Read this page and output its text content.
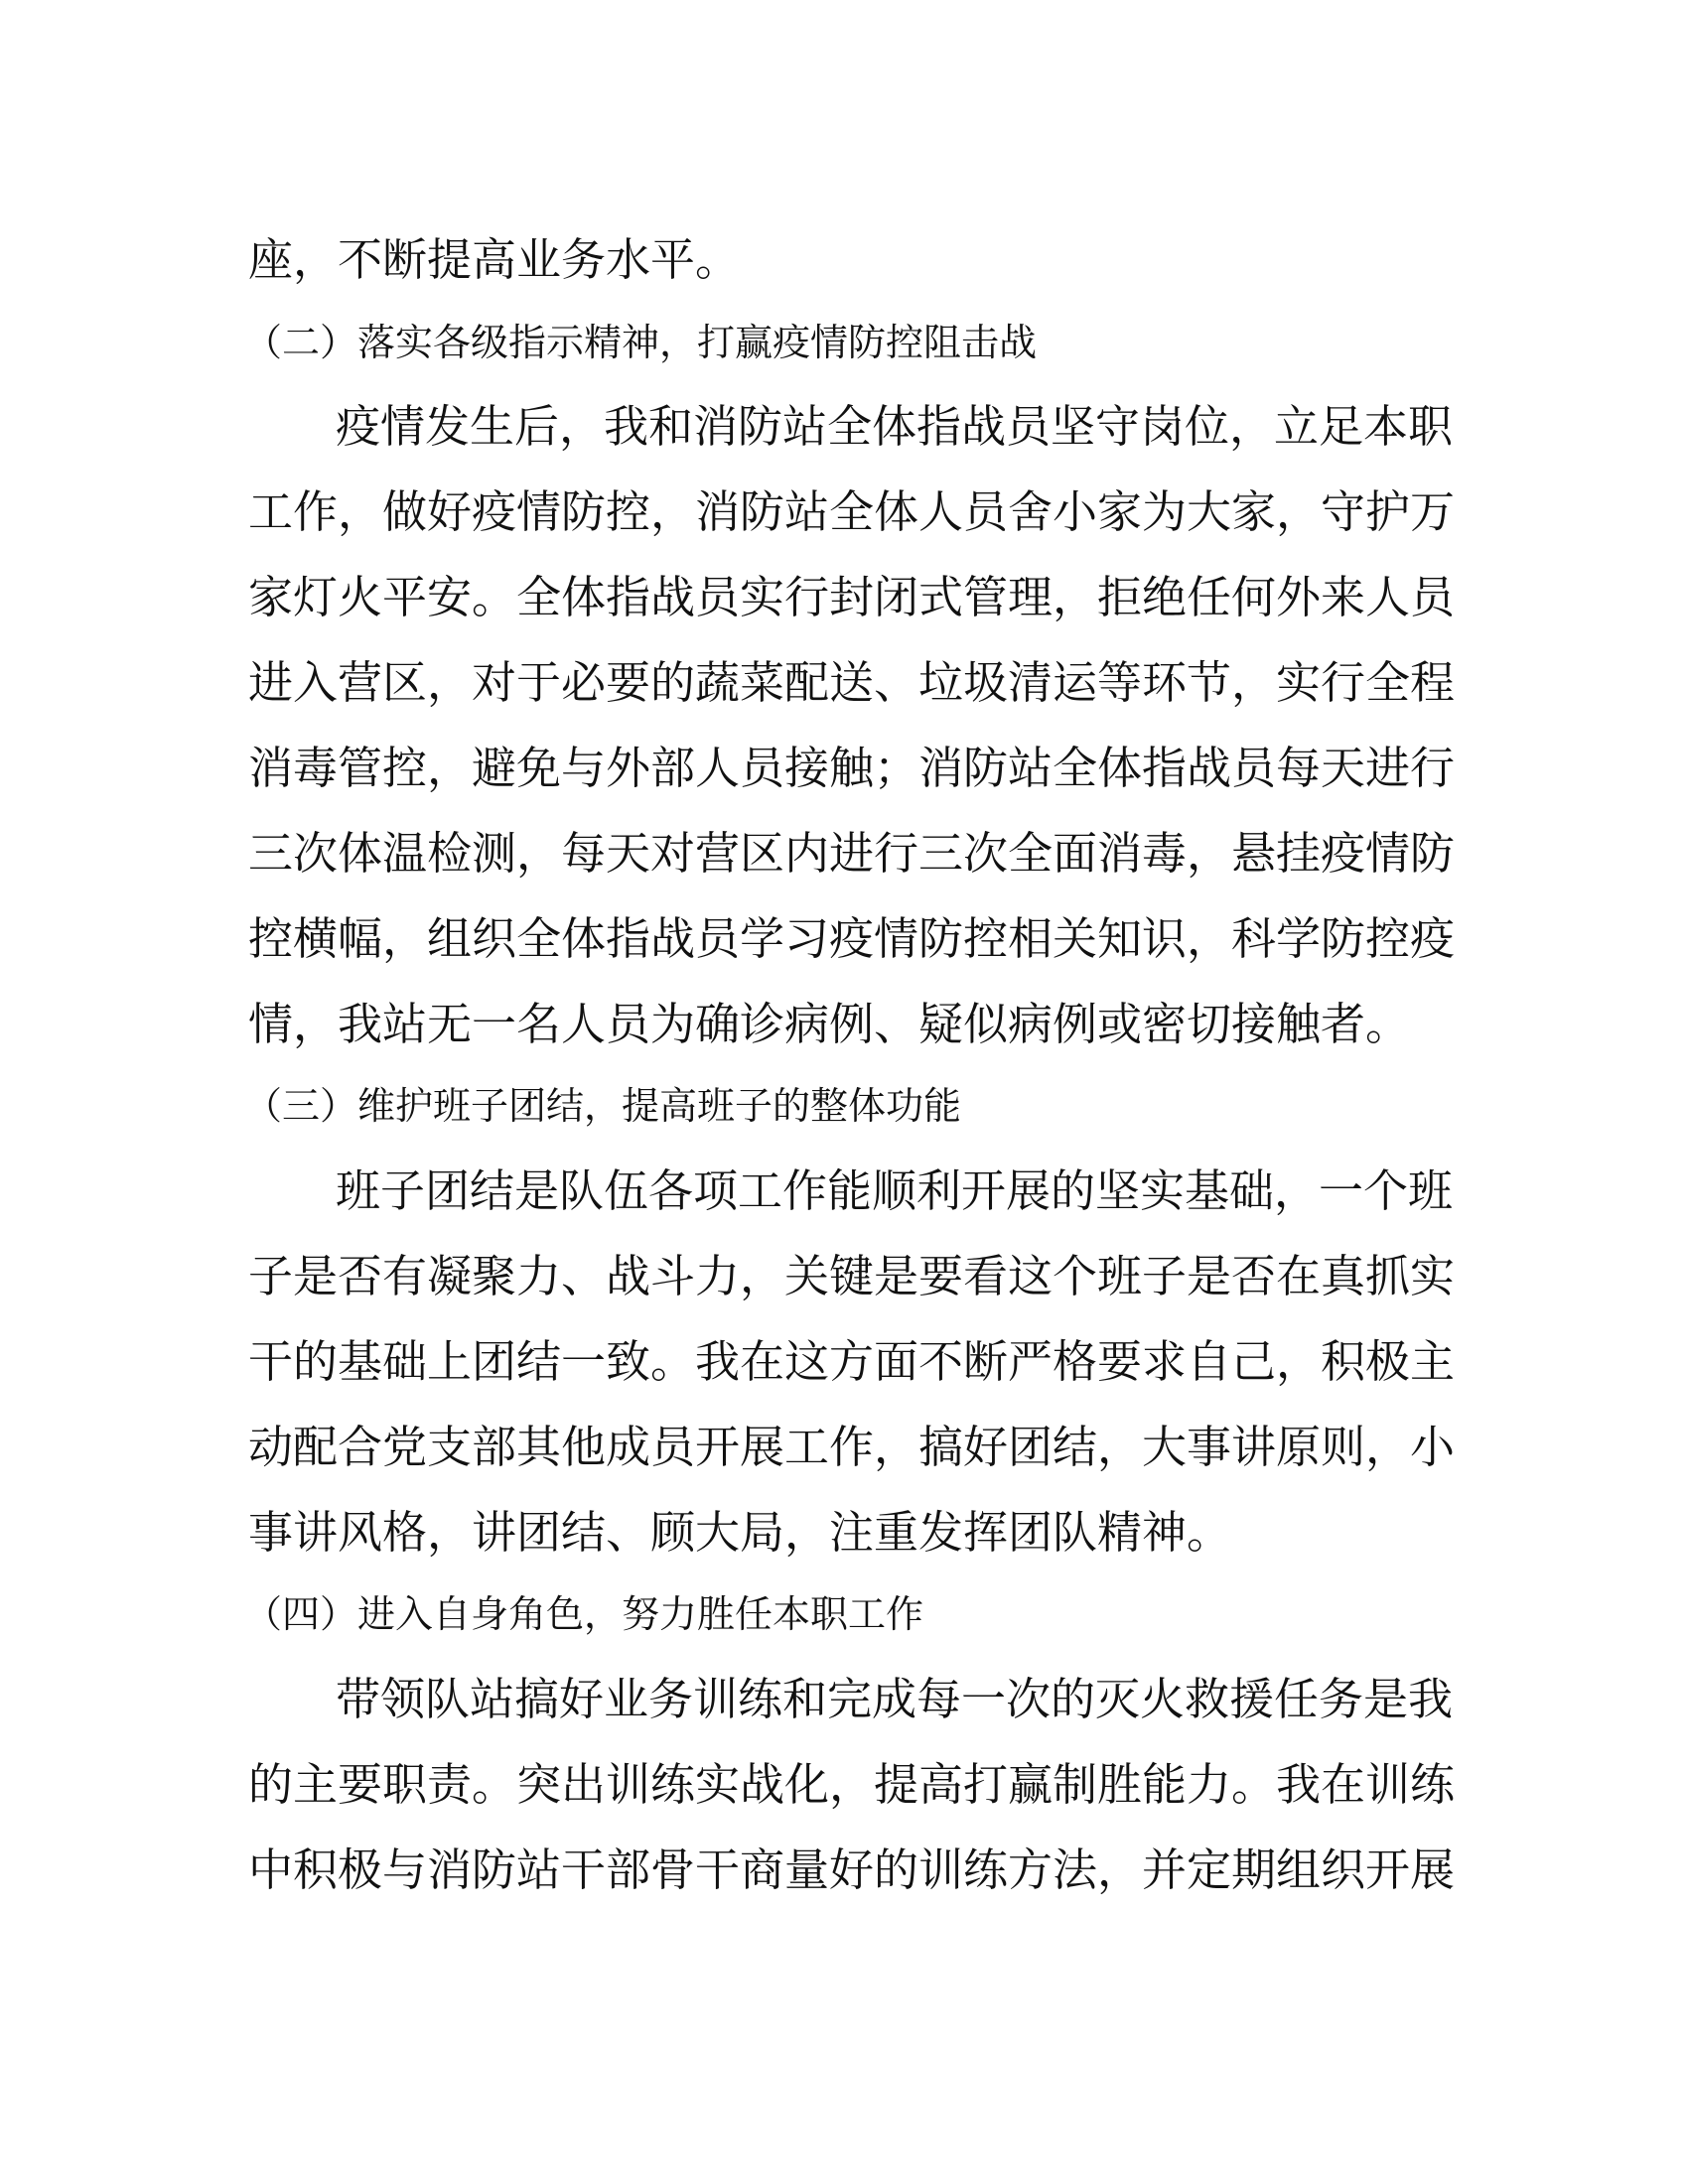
座，不断提高业务水平。
（二）落实各级指示精神，打赢疫情防控阻击战
疫情发生后，我和消防站全体指战员坚守岗位，立足本职
工作，做好疫情防控，消防站全体人员舍小家为大家，守护万
家灯火平安。全体指战员实行封闭式管理，拒绝任何外来人员
进入营区，对于必要的蔬菜配送、垃圾清运等环节，实行全程
消毒管控，避免与外部人员接触；消防站全体指战员每天进行
三次体温检测，每天对营区内进行三次全面消毒，悬挂疫情防
控横幅，组织全体指战员学习疫情防控相关知识，科学防控疫
情，我站无一名人员为确诊病例、疑似病例或密切接触者。
（三）维护班子团结，提高班子的整体功能
班子团结是队伍各项工作能顺利开展的坚实基础，一个班
子是否有凝聚力、战斗力，关键是要看这个班子是否在真抓实
干的基础上团结一致。我在这方面不断严格要求自己，积极主
动配合党支部其他成员开展工作，搞好团结，大事讲原则，小
事讲风格，讲团结、顾大局，注重发挥团队精神。
（四）进入自身角色，努力胜任本职工作
带领队站搞好业务训练和完成每一次的灭火救援任务是我
的主要职责。突出训练实战化，提高打赢制胜能力。我在训练
中积极与消防站干部骨干商量好的训练方法，并定期组织开展
